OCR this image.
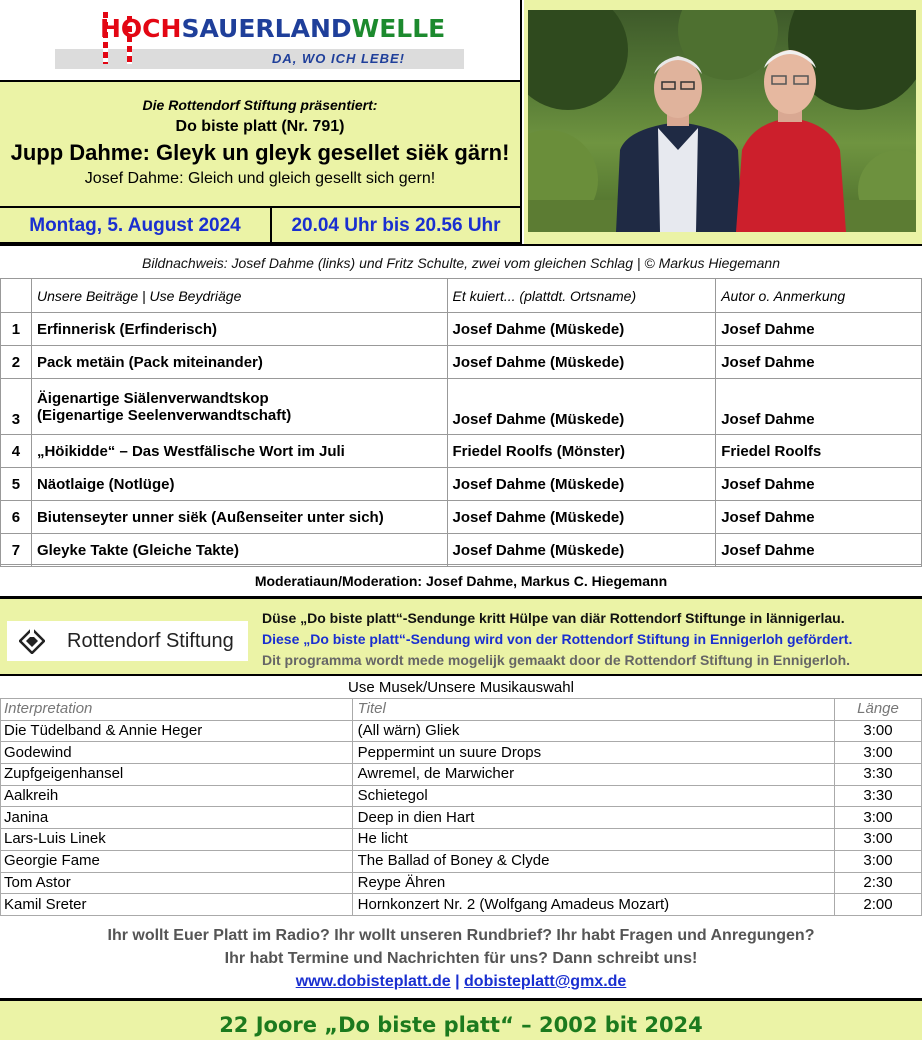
HOCHSAUERLANDWELLE
DA, WO ICH LEBE!
Die Rottendorf Stiftung präsentiert:
Do biste platt (Nr. 791)
Jupp Dahme: Gleyk un gleyk gesellet siëk gärn!
Josef Dahme: Gleich und gleich gesellt sich gern!
Montag, 5. August 2024	20.04 Uhr bis 20.56 Uhr
Bildnachweis: Josef Dahme (links) und Fritz Schulte, zwei vom gleichen Schlag | © Markus Hiegemann
	Unsere Beiträge | Use Beydriäge	Et kuiert... (plattdt. Ortsname)	Autor o. Anmerkung
1	Erfinnerisk (Erfinderisch)	Josef Dahme (Müskede)	Josef Dahme
2	Pack metäin (Pack miteinander)	Josef Dahme (Müskede)	Josef Dahme
3	Äigenartige Siälenverwandtskop
(Eigenartige Seelenverwandtschaft)	Josef Dahme (Müskede)	Josef Dahme
4	„Höikidde“ – Das Westfälische Wort im Juli	Friedel Roolfs (Mönster)	Friedel Roolfs
5	Näotlaige (Notlüge)	Josef Dahme (Müskede)	Josef Dahme
6	Biutenseyter unner siëk (Außenseiter unter sich)	Josef Dahme (Müskede)	Josef Dahme
7	Gleyke Takte (Gleiche Takte)	Josef Dahme (Müskede)	Josef Dahme
Moderatiaun/Moderation: Josef Dahme, Markus C. Hiegemann
Rottendorf Stiftung
Düse „Do biste platt“-Sendunge kritt Hülpe van diär Rottendorf Stiftunge in lännigerlau.
Diese „Do biste platt“-Sendung wird von der Rottendorf Stiftung in Ennigerloh gefördert.
Dit programma wordt mede mogelijk gemaakt door de Rottendorf Stiftung in Ennigerloh.
Use Musek/Unsere Musikauswahl
Interpretation	Titel	Länge
Die Tüdelband & Annie Heger	(All wärn) Gliek	3:00
Godewind	Peppermint un suure Drops	3:00
Zupfgeigenhansel	Awremel, de Marwicher	3:30
Aalkreih	Schietegol	3:30
Janina	Deep in dien Hart	3:00
Lars-Luis Linek	He licht	3:00
Georgie Fame	The Ballad of Boney & Clyde	3:00
Tom Astor	Reype Ähren	2:30
Kamil Sreter	Hornkonzert Nr. 2 (Wolfgang Amadeus Mozart)	2:00
Ihr wollt Euer Platt im Radio? Ihr wollt unseren Rundbrief? Ihr habt Fragen und Anregungen?
Ihr habt Termine und Nachrichten für uns? Dann schreibt uns!
www.dobisteplatt.de | dobisteplatt@gmx.de
22 Joore „Do biste platt“ – 2002 bit 2024
